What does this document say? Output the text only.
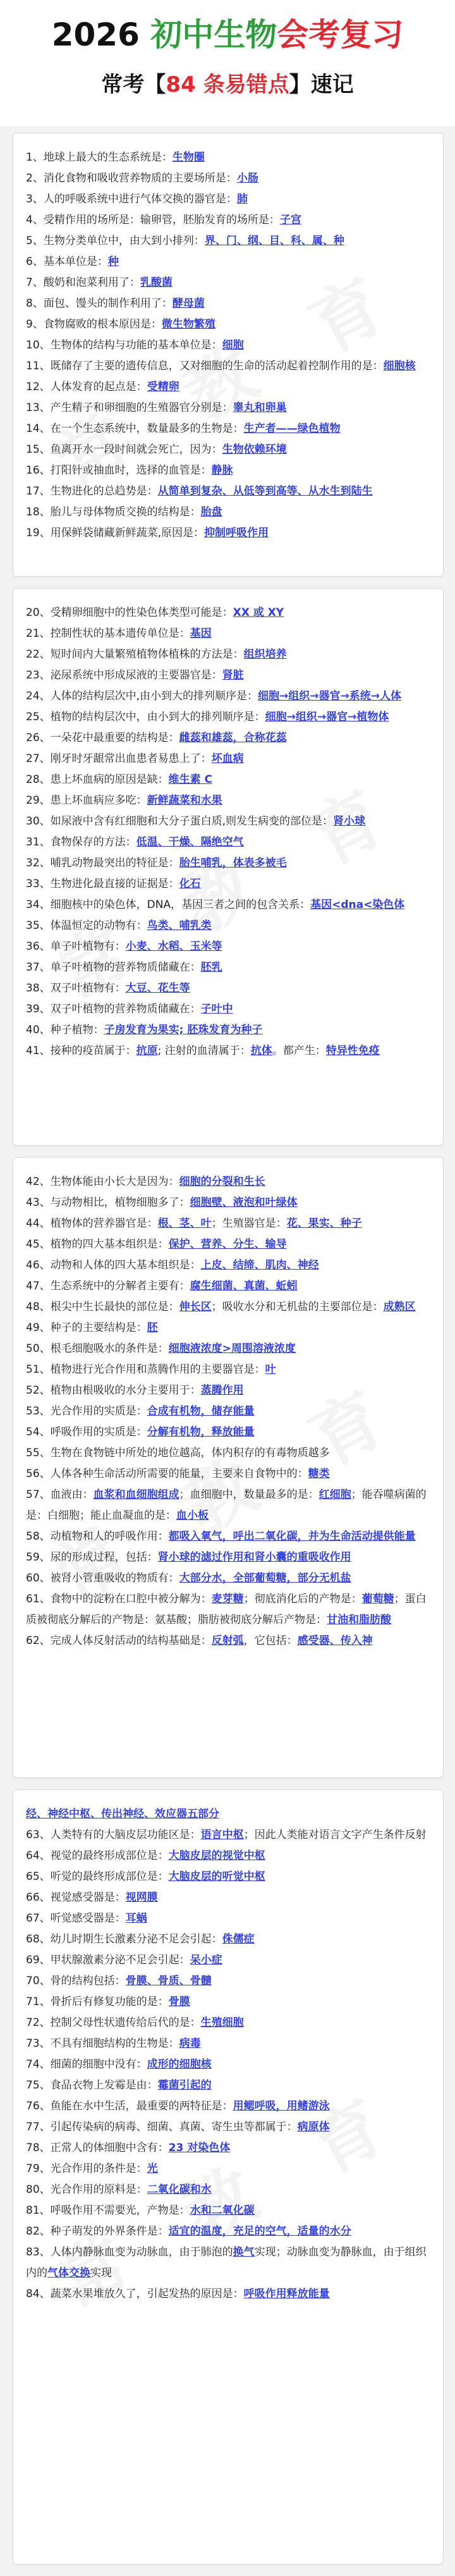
2026 初中生物会考复习
常考【84 条易错点】速记
1、地球上最大的生态系统是：生物圈
2、消化食物和吸收营养物质的主要场所是：小肠
3、人的呼吸系统中进行气体交换的器官是：肺
4、受精作用的场所是：输卵管，胚胎发育的场所是：子宫
5、生物分类单位中，由大到小排列：界、门、纲、目、科、属、种
6、基本单位是：种
7、酸奶和泡菜利用了：乳酸菌
8、面包、馒头的制作利用了：酵母菌
9、食物腐败的根本原因是：微生物繁殖
10、生物体的结构与功能的基本单位是：细胞
11、既储存了主要的遗传信息，又对细胞的生命的活动起着控制作用的是：细胞核
12、人体发育的起点是：受精卵
13、产生精子和卵细胞的生殖器官分别是：睾丸和卵巢
14、在一个生态系统中，数量最多的生物是：生产者——绿色植物
15、鱼离开水一段时间就会死亡，因为：生物依赖环境
16、打阳针或抽血时，选择的血管是：静脉
17、生物进化的总趋势是：从简单到复杂、从低等到高等、从水生到陆生
18、胎儿与母体物质交换的结构是：胎盘
19、用保鲜袋储藏新鲜蔬菜,原因是：抑制呼吸作用
20、受精卵细胞中的性染色体类型可能是：XX 或 XY
21、控制性状的基本遗传单位是：基因
22、短时间内大量繁殖植物体植株的方法是：组织培养
23、泌尿系统中形成尿液的主要器官是：肾脏
24、人体的结构层次中,由小到大的排列顺序是：细胞→组织→器官→系统→人体
25、植物的结构层次中，由小到大的排列顺序是：细胞→组织→器官→植物体
26、一朵花中最重要的结构是：雌蕊和雄蕊，合称花蕊
27、刚牙时牙龈常出血患者易患上了：坏血病
28、患上坏血病的原因是缺：维生素 C
29、患上坏血病应多吃：新鲜蔬菜和水果
30、如尿液中含有红细胞和大分子蛋白质,则发生病变的部位是：肾小球
31、食物保存的方法：低温、干燥、隔绝空气
32、哺乳动物最突出的特征是：胎生哺乳，体表多被毛
33、生物进化最直接的证据是：化石
34、细胞核中的染色体，DNA，基因三者之间的包含关系：基因<dna<染色体
35、体温恒定的动物有：鸟类、哺乳类
36、单子叶植物有：小麦、水稻、玉米等
37、单子叶植物的营养物质储藏在：胚乳
38、双子叶植物有：大豆、花生等
39、双子叶植物的营养物质储藏在：子叶中
40、种子植物：子房发育为果实; 胚珠发育为种子
41、接种的疫苗属于：抗原; 注射的血清属于：抗体。都产生：特异性免疫
42、生物体能由小长大是因为：细胞的分裂和生长
43、与动物相比，植物细胞多了：细胞壁、液泡和叶绿体
44、植物体的营养器官是：根、茎、叶；生殖器官是：花、果实、种子
45、植物的四大基本组织是：保护、营养、分生、输导
46、动物和人体的四大基本组织是：上皮、结缔、肌肉、神经
47、生态系统中的分解者主要有：腐生细菌、真菌、蚯蚓
48、根尖中生长最快的部位是：伸长区；吸收水分和无机盐的主要部位是：成熟区
49、种子的主要结构是：胚
50、根毛细胞吸水的条件是：细胞液浓度>周围溶液浓度
51、植物进行光合作用和蒸腾作用的主要器官是：叶
52、植物由根吸收的水分主要用于：蒸腾作用
53、光合作用的实质是：合成有机物，储存能量
54、呼吸作用的实质是：分解有机物，释放能量
55、生物在食物链中所处的地位越高，体内积存的有毒物质越多
56、人体各种生命活动所需要的能量，主要来自食物中的：糖类
57、血液由：血浆和血细胞组成；血细胞中，数量最多的是：红细胞；能吞噬病菌的是：白细胞；能止血凝血的是：血小板
58、动植物和人的呼吸作用：都吸入氧气，呼出二氧化碳，并为生命活动提供能量
59、尿的形成过程，包括：肾小球的滤过作用和肾小囊的重吸收作用
60、被肾小管重吸收的物质有：大部分水，全部葡萄糖，部分无机盐
61、食物中的淀粉在口腔中被分解为：麦芽糖；彻底消化后的产物是：葡萄糖；蛋白质被彻底分解后的产物是：氨基酸；脂肪被彻底分解后产物是：甘油和脂肪酸
62、完成人体反射活动的结构基础是：反射弧，它包括：感受器、传入神
经、神经中枢、传出神经、效应器五部分
63、人类特有的大脑皮层功能区是：语言中枢；因此人类能对语言文字产生条件反射
64、视觉的最终形成部位是：大脑皮层的视觉中枢
65、听觉的最终形成部位是：大脑皮层的听觉中枢
66、视觉感受器是：视网膜
67、听觉感受器是：耳蜗
68、幼儿时期生长激素分泌不足会引起：侏儒症
69、甲状腺激素分泌不足会引起：呆小症
70、骨的结构包括：骨膜、骨质、骨髓
71、骨折后有修复功能的是：骨膜
72、控制父母性状遗传给后代的是：生殖细胞
73、不具有细胞结构的生物是：病毒
74、细菌的细胞中没有：成形的细胞核
75、食品衣物上发霉是由：霉菌引起的
76、鱼能在水中生活，最重要的两特征是：用鳃呼吸，用鳍游泳
77、引起传染病的病毒、细菌、真菌、寄生虫等都属于：病原体
78、正常人的体细胞中含有：23 对染色体
79、光合作用的条件是：光
80、光合作用的原料是：二氧化碳和水
81、呼吸作用不需要光，产物是：水和二氧化碳
82、种子萌发的外界条件是：适宜的温度，充足的空气，适量的水分
83、人体内静脉血变为动脉血，由于肺泡的换气实现；动脉血变为静脉血，由于组织内的气体交换实现
84、蔬菜水果堆放久了，引起发热的原因是：呼吸作用释放能量
